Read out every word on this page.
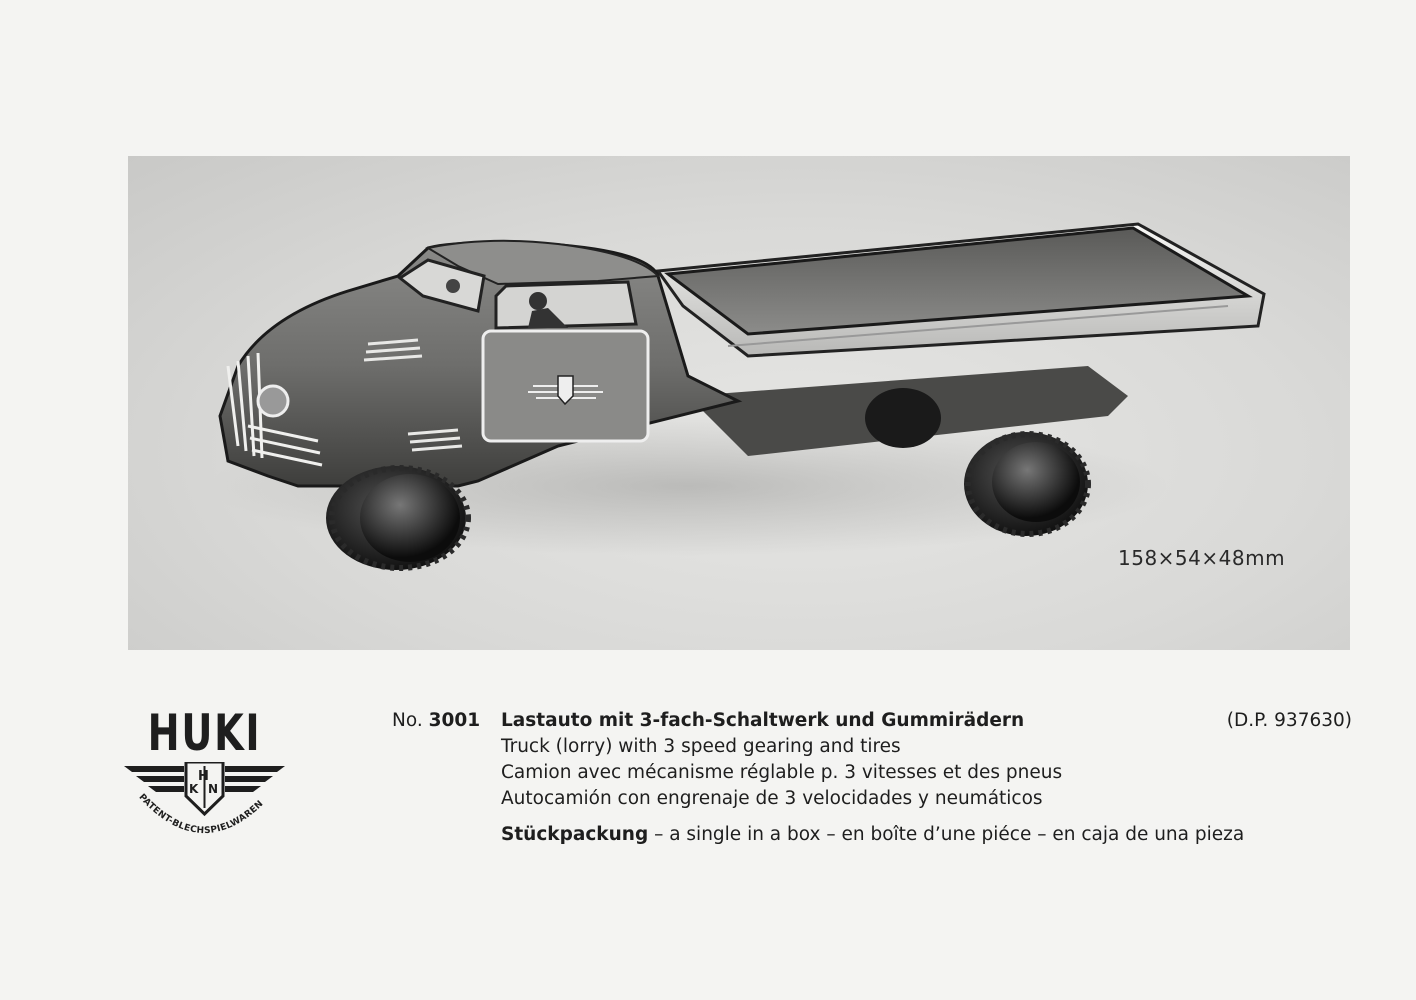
158×54×48mm
HUKI
H
K N
PATENT-BLECHSPIELWAREN
No. 3001 Lastauto mit 3-fach-Schaltwerk und Gummirädern
Truck (lorry) with 3 speed gearing and tires
Camion avec mécanisme réglable p. 3 vitesses et des pneus
Autocamión con engrenaje de 3 velocidades y neumáticos
Stückpackung – a single in a box – en boîte d’une piéce – en caja de una pieza
(D.P. 937630)
